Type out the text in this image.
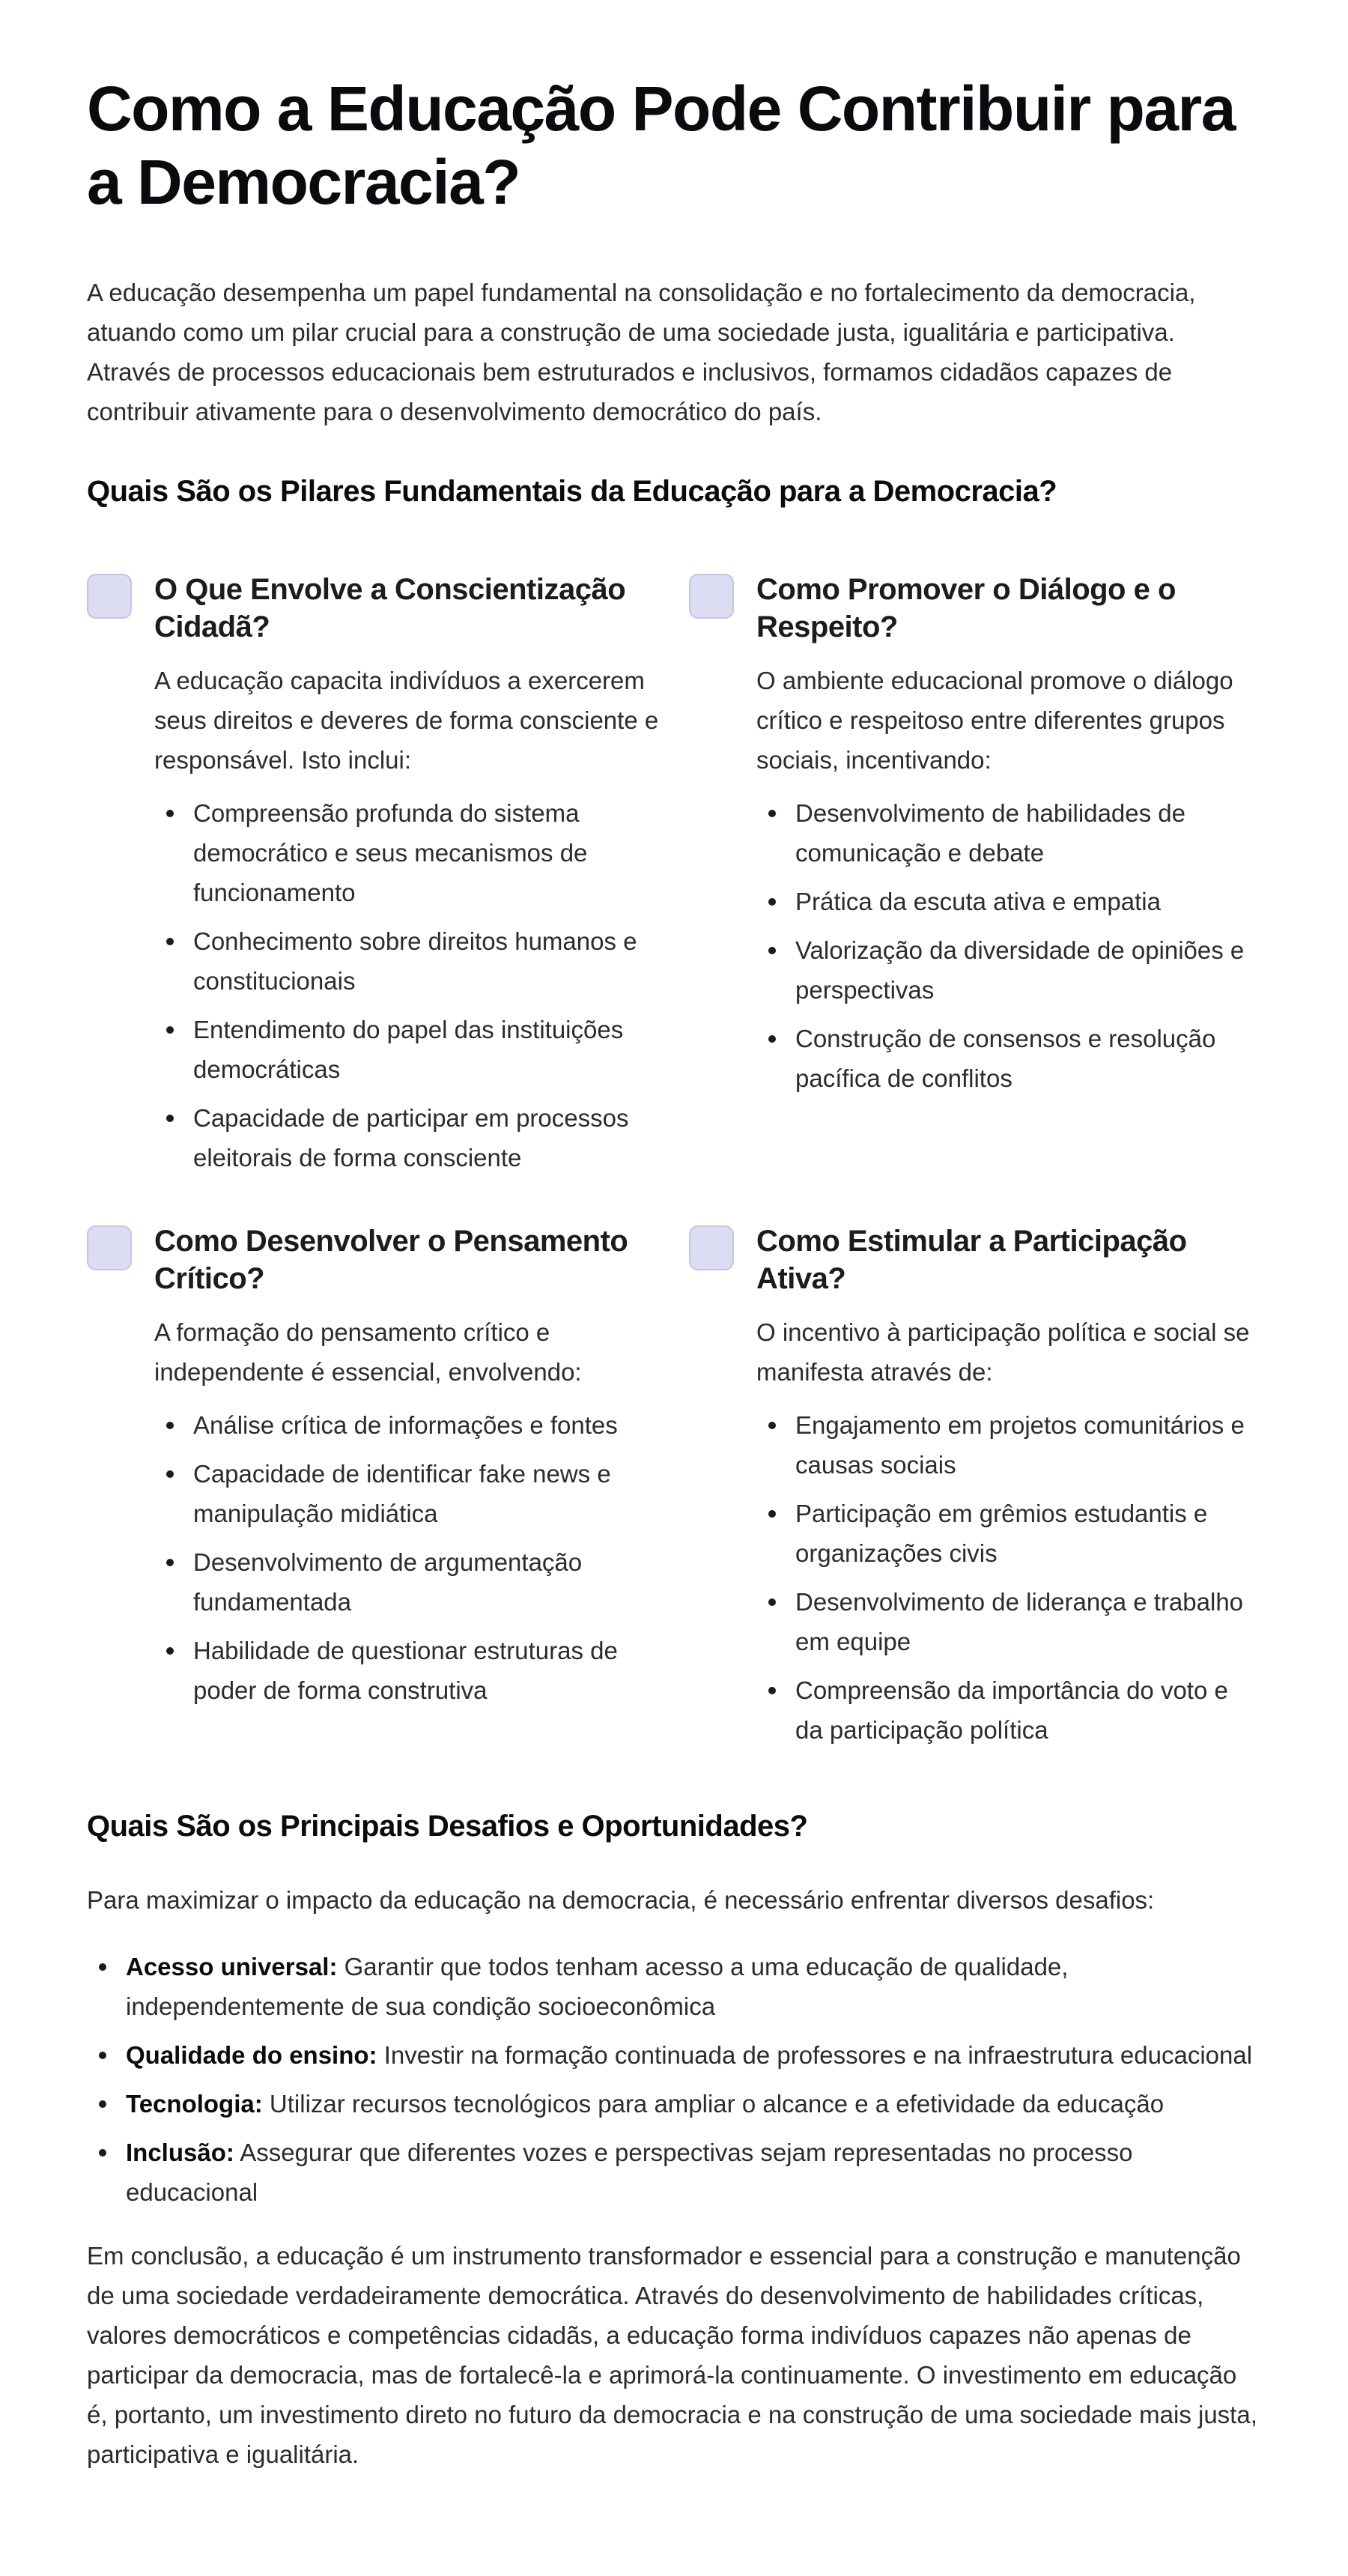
Como a Educação Pode Contribuir para a Democracia?

A educação desempenha um papel fundamental na consolidação e no fortalecimento da democracia, atuando como um pilar crucial para a construção de uma sociedade justa, igualitária e participativa. Através de processos educacionais bem estruturados e inclusivos, formamos cidadãos capazes de contribuir ativamente para o desenvolvimento democrático do país.

Quais São os Pilares Fundamentais da Educação para a Democracia?
O Que Envolve a Conscientização Cidadã?

A educação capacita indivíduos a exercerem seus direitos e deveres de forma consciente e responsável. Isto inclui:

Compreensão profunda do sistema democrático e seus mecanismos de funcionamento
Conhecimento sobre direitos humanos e constitucionais
Entendimento do papel das instituições democráticas
Capacidade de participar em processos eleitorais de forma consciente
Como Promover o Diálogo e o Respeito?

O ambiente educacional promove o diálogo crítico e respeitoso entre diferentes grupos sociais, incentivando:

Desenvolvimento de habilidades de comunicação e debate
Prática da escuta ativa e empatia
Valorização da diversidade de opiniões e perspectivas
Construção de consensos e resolução pacífica de conflitos
Como Desenvolver o Pensamento Crítico?

A formação do pensamento crítico e independente é essencial, envolvendo:

Análise crítica de informações e fontes
Capacidade de identificar fake news e manipulação midiática
Desenvolvimento de argumentação fundamentada
Habilidade de questionar estruturas de poder de forma construtiva
Como Estimular a Participação Ativa?

O incentivo à participação política e social se manifesta através de:

Engajamento em projetos comunitários e causas sociais
Participação em grêmios estudantis e organizações civis
Desenvolvimento de liderança e trabalho em equipe
Compreensão da importância do voto e da participação política
Quais São os Principais Desafios e Oportunidades?

Para maximizar o impacto da educação na democracia, é necessário enfrentar diversos desafios:

Acesso universal: Garantir que todos tenham acesso a uma educação de qualidade, independentemente de sua condição socioeconômica
Qualidade do ensino: Investir na formação continuada de professores e na infraestrutura educacional
Tecnologia: Utilizar recursos tecnológicos para ampliar o alcance e a efetividade da educação
Inclusão: Assegurar que diferentes vozes e perspectivas sejam representadas no processo educacional

Em conclusão, a educação é um instrumento transformador e essencial para a construção e manutenção de uma sociedade verdadeiramente democrática. Através do desenvolvimento de habilidades críticas, valores democráticos e competências cidadãs, a educação forma indivíduos capazes não apenas de participar da democracia, mas de fortalecê-la e aprimorá-la continuamente. O investimento em educação é, portanto, um investimento direto no futuro da democracia e na construção de uma sociedade mais justa, participativa e igualitária.
